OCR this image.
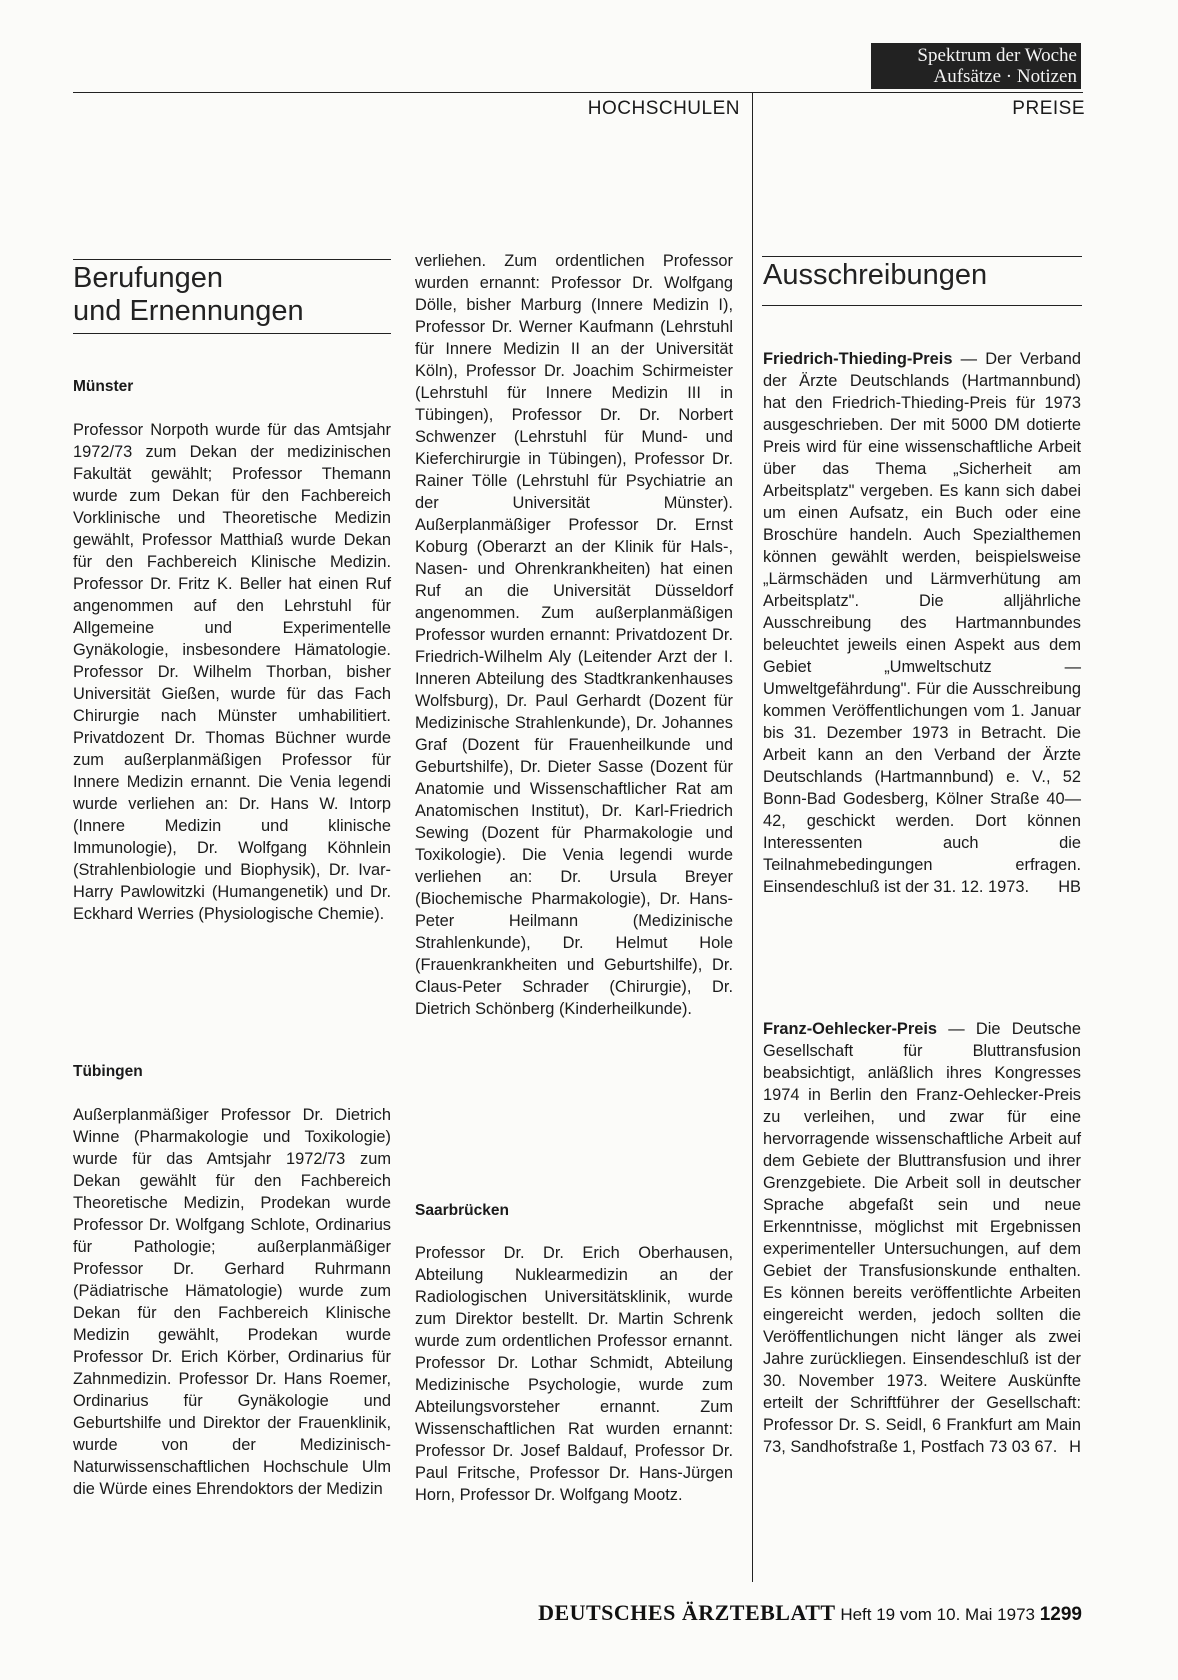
Spektrum der Woche
Aufsätze · Notizen
HOCHSCHULEN	PREISE
Berufungen
und Ernennungen
Münster

Professor Norpoth wurde für das Amtsjahr 1972/73 zum Dekan der medizinischen Fakultät gewählt; Professor Themann wurde zum Dekan für den Fachbereich Vorklinische und Theoretische Medizin gewählt, Professor Matthiaß wurde Dekan für den Fachbereich Klinische Medizin. Professor Dr. Fritz K. Beller hat einen Ruf angenommen auf den Lehrstuhl für Allgemeine und Experimentelle Gynäkologie, insbesondere Hämatologie. Professor Dr. Wilhelm Thorban, bisher Universität Gießen, wurde für das Fach Chirurgie nach Münster umhabilitiert. Privatdozent Dr. Thomas Büchner wurde zum außerplanmäßigen Professor für Innere Medizin ernannt. Die Venia legendi wurde verliehen an: Dr. Hans W. Intorp (Innere Medizin und klinische Immunologie), Dr. Wolfgang Köhnlein (Strahlenbiologie und Biophysik), Dr. Ivar-Harry Pawlowitzki (Humangenetik) und Dr. Eckhard Werries (Physiologische Chemie).

Tübingen

Außerplanmäßiger Professor Dr. Dietrich Winne (Pharmakologie und Toxikologie) wurde für das Amtsjahr 1972/73 zum Dekan gewählt für den Fachbereich Theoretische Medizin, Prodekan wurde Professor Dr. Wolfgang Schlote, Ordinarius für Pathologie; außerplanmäßiger Professor Dr. Gerhard Ruhrmann (Pädiatrische Hämatologie) wurde zum Dekan für den Fachbereich Klinische Medizin gewählt, Prodekan wurde Professor Dr. Erich Körber, Ordinarius für Zahnmedizin. Professor Dr. Hans Roemer, Ordinarius für Gynäkologie und Geburtshilfe und Direktor der Frauenklinik, wurde von der Medizinisch-Naturwissenschaftlichen Hochschule Ulm die Würde eines Ehrendoktors der Medizin

verliehen. Zum ordentlichen Professor wurden ernannt: Professor Dr. Wolfgang Dölle, bisher Marburg (Innere Medizin I), Professor Dr. Werner Kaufmann (Lehrstuhl für Innere Medizin II an der Universität Köln), Professor Dr. Joachim Schirmeister (Lehrstuhl für Innere Medizin III in Tübingen), Professor Dr. Dr. Norbert Schwenzer (Lehrstuhl für Mund- und Kieferchirurgie in Tübingen), Professor Dr. Rainer Tölle (Lehrstuhl für Psychiatrie an der Universität Münster). Außerplanmäßiger Professor Dr. Ernst Koburg (Oberarzt an der Klinik für Hals-, Nasen- und Ohrenkrankheiten) hat einen Ruf an die Universität Düsseldorf angenommen. Zum außerplanmäßigen Professor wurden ernannt: Privatdozent Dr. Friedrich-Wilhelm Aly (Leitender Arzt der I. Inneren Abteilung des Stadtkrankenhauses Wolfsburg), Dr. Paul Gerhardt (Dozent für Medizinische Strahlenkunde), Dr. Johannes Graf (Dozent für Frauenheilkunde und Geburtshilfe), Dr. Dieter Sasse (Dozent für Anatomie und Wissenschaftlicher Rat am Anatomischen Institut), Dr. Karl-Friedrich Sewing (Dozent für Pharmakologie und Toxikologie). Die Venia legendi wurde verliehen an: Dr. Ursula Breyer (Biochemische Pharmakologie), Dr. Hans-Peter Heilmann (Medizinische Strahlenkunde), Dr. Helmut Hole (Frauenkrankheiten und Geburtshilfe), Dr. Claus-Peter Schrader (Chirurgie), Dr. Dietrich Schönberg (Kinderheilkunde).

Saarbrücken

Professor Dr. Dr. Erich Oberhausen, Abteilung Nuklearmedizin an der Radiologischen Universitätsklinik, wurde zum Direktor bestellt. Dr. Martin Schrenk wurde zum ordentlichen Professor ernannt. Professor Dr. Lothar Schmidt, Abteilung Medizinische Psychologie, wurde zum Abteilungsvorsteher ernannt. Zum Wissenschaftlichen Rat wurden ernannt: Professor Dr. Josef Baldauf, Professor Dr. Paul Fritsche, Professor Dr. Hans-Jürgen Horn, Professor Dr. Wolfgang Mootz.

Ausschreibungen

Friedrich-Thieding-Preis — Der Verband der Ärzte Deutschlands (Hartmannbund) hat den Friedrich-Thieding-Preis für 1973 ausgeschrieben. Der mit 5000 DM dotierte Preis wird für eine wissenschaftliche Arbeit über das Thema „Sicherheit am Arbeitsplatz" vergeben. Es kann sich dabei um einen Aufsatz, ein Buch oder eine Broschüre handeln. Auch Spezialthemen können gewählt werden, beispielsweise „Lärmschäden und Lärmverhütung am Arbeitsplatz". Die alljährliche Ausschreibung des Hartmannbundes beleuchtet jeweils einen Aspekt aus dem Gebiet „Umweltschutz — Umweltgefährdung". Für die Ausschreibung kommen Veröffentlichungen vom 1. Januar bis 31. Dezember 1973 in Betracht. Die Arbeit kann an den Verband der Ärzte Deutschlands (Hartmannbund) e. V., 52 Bonn-Bad Godesberg, Kölner Straße 40—42, geschickt werden. Dort können Interessenten auch die Teilnahmebedingungen erfragen. Einsendeschluß ist der 31. 12. 1973. HB

Franz-Oehlecker-Preis — Die Deutsche Gesellschaft für Bluttransfusion beabsichtigt, anläßlich ihres Kongresses 1974 in Berlin den Franz-Oehlecker-Preis zu verleihen, und zwar für eine hervorragende wissenschaftliche Arbeit auf dem Gebiete der Bluttransfusion und ihrer Grenzgebiete. Die Arbeit soll in deutscher Sprache abgefaßt sein und neue Erkenntnisse, möglichst mit Ergebnissen experimenteller Untersuchungen, auf dem Gebiet der Transfusionskunde enthalten. Es können bereits veröffentlichte Arbeiten eingereicht werden, jedoch sollten die Veröffentlichungen nicht länger als zwei Jahre zurückliegen. Einsendeschluß ist der 30. November 1973. Weitere Auskünfte erteilt der Schriftführer der Gesellschaft: Professor Dr. S. Seidl, 6 Frankfurt am Main 73, Sandhofstraße 1, Postfach 73 03 67. H

DEUTSCHES ÄRZTEBLATT Heft 19 vom 10. Mai 1973 1299
